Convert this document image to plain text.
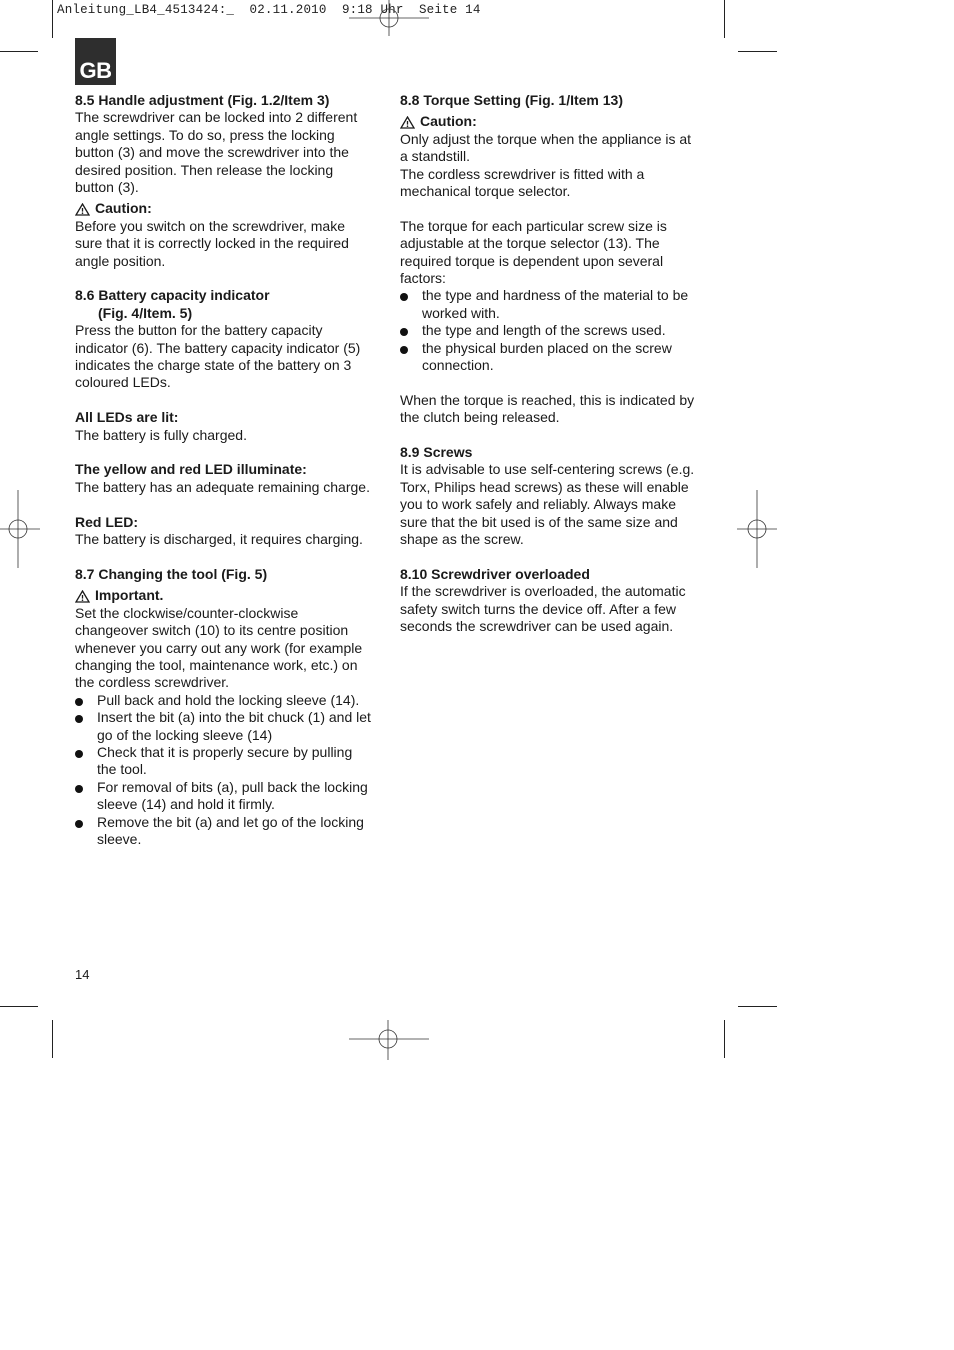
Anleitung_LB4_4513424:_  02.11.2010  9:18 Uhr  Seite 14
GB

8.5 Handle adjustment (Fig. 1.2/Item 3)

The screwdriver can be locked into 2 different

angle settings. To do so, press the locking

button (3) and move the screwdriver into the

desired position. Then release the locking

button (3).

Caution:

Before you switch on the screwdriver, make

sure that it is correctly locked in the required

angle position.

8.6 Battery capacity indicator

(Fig. 4/Item. 5)

Press the button for the battery capacity

indicator (6). The battery capacity indicator (5)

indicates the charge state of the battery on 3

coloured LEDs.

All LEDs are lit:

The battery is fully charged.

The yellow and red LED illuminate:

The battery has an adequate remaining charge.

Red LED:

The battery is discharged, it requires charging.

8.7 Changing the tool (Fig. 5)

Important.

Set the clockwise/counter-clockwise

changeover switch (10) to its centre position

whenever you carry out any work (for example

changing the tool, maintenance work, etc.) on

the cordless screwdriver.

Pull back and hold the locking sleeve (14).
Insert the bit (a) into the bit chuck (1) and let
go of the locking sleeve (14)
Check that it is properly secure by pulling
the tool.
For removal of bits (a), pull back the locking
sleeve (14) and hold it firmly.
Remove the bit (a) and let go of the locking
sleeve.

8.8 Torque Setting (Fig. 1/Item 13)

Caution:

Only adjust the torque when the appliance is at

a standstill.

The cordless screwdriver is fitted with a

mechanical torque selector.

The torque for each particular screw size is

adjustable at the torque selector (13). The

required torque is dependent upon several

factors:

the type and hardness of the material to be
worked with.
the type and length of the screws used.
the physical burden placed on the screw
connection.

When the torque is reached, this is indicated by

the clutch being released.

8.9 Screws

It is advisable to use self-centering screws (e.g.

Torx, Philips head screws) as these will enable

you to work safely and reliably. Always make

sure that the bit used is of the same size and

shape as the screw.

8.10 Screwdriver overloaded

If the screwdriver is overloaded, the automatic

safety switch turns the device off. After a few

seconds the screwdriver can be used again.

14
